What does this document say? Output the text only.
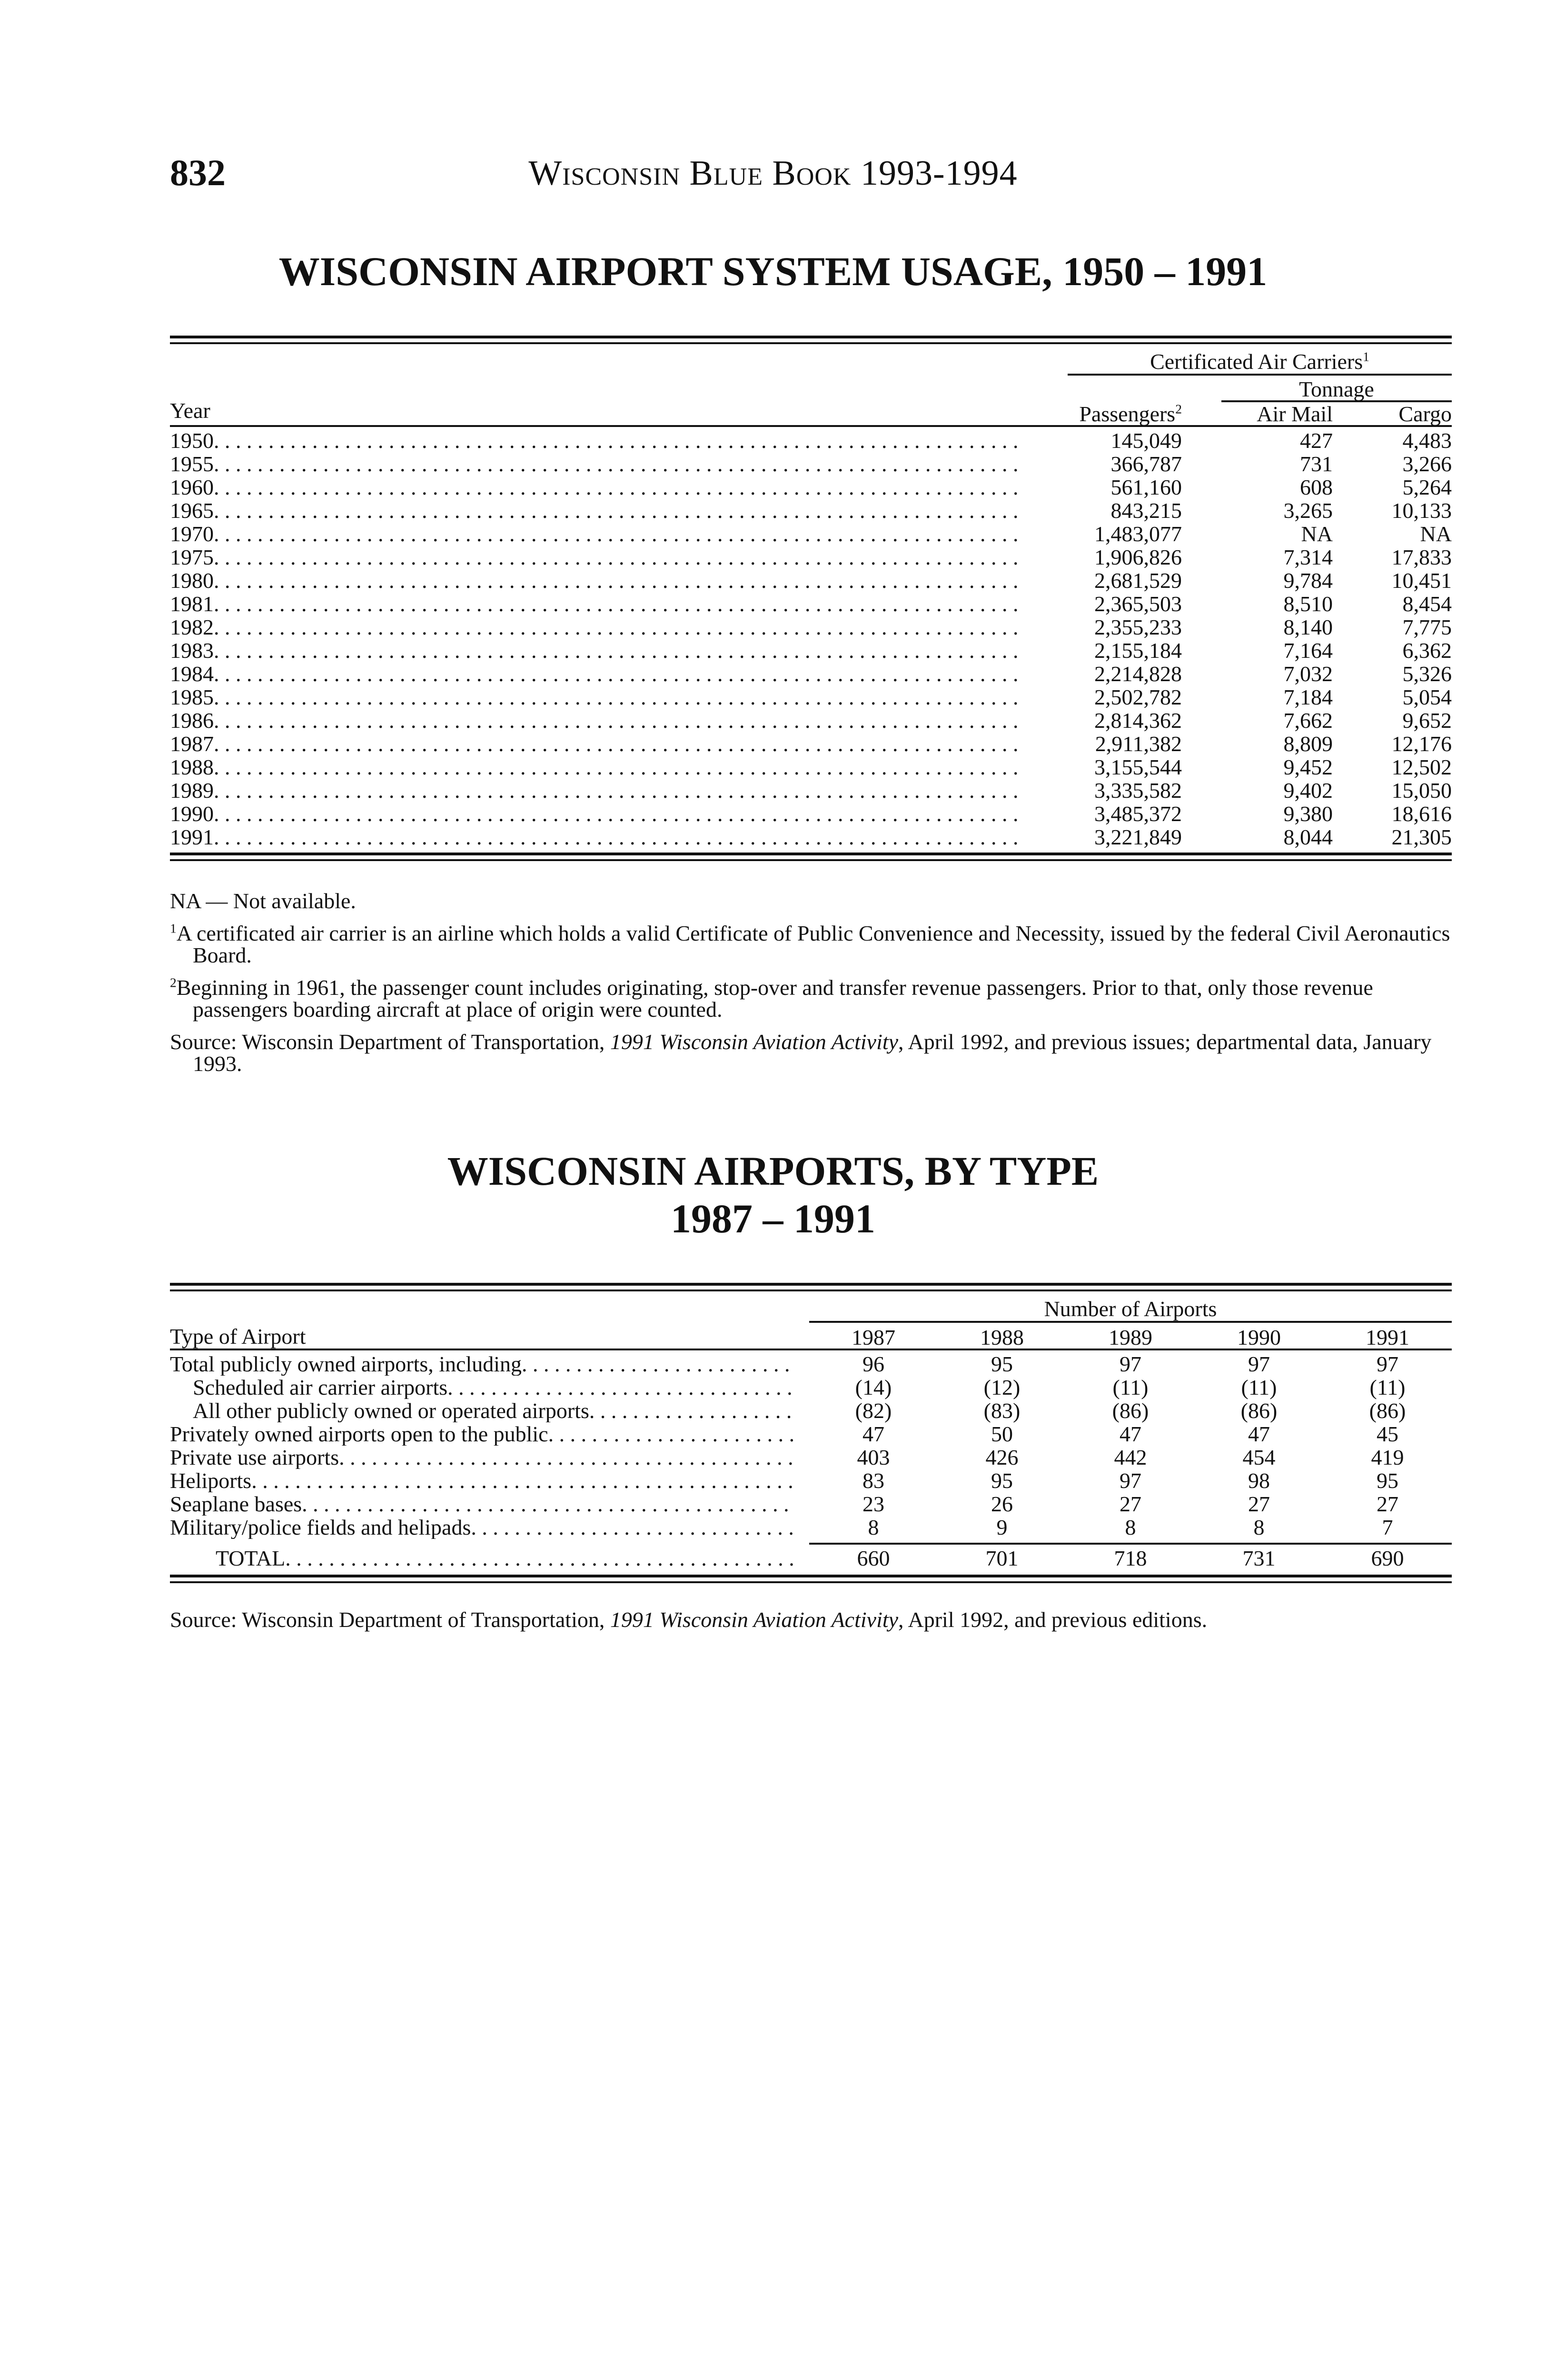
832	Wisconsin Blue Book 1993-1994
WISCONSIN AIRPORT SYSTEM USAGE, 1950 – 1991
Certificated Air Carriers$^1$
Tonnage
Year	Passengers$^2$	Air Mail	Cargo
1950 . . .	145,049	427	4,483
1955 . . .	366,787	731	3,266
1960 . . .	561,160	608	5,264
1965 . . .	843,215	3,265	10,133
1970 . . .	1,483,077	NA	NA
1975 . . .	1,906,826	7,314	17,833
1980 . . .	2,681,529	9,784	10,451
1981 . . .	2,365,503	8,510	8,454
1982 . . .	2,355,233	8,140	7,775
1983 . . .	2,155,184	7,164	6,362
1984 . . .	2,214,828	7,032	5,326
1985 . . .	2,502,782	7,184	5,054
1986 . . .	2,814,362	7,662	9,652
1987 . . .	2,911,382	8,809	12,176
1988 . . .	3,155,544	9,452	12,502
1989 . . .	3,335,582	9,402	15,050
1990 . . .	3,485,372	9,380	18,616
1991 . . .	3,221,849	8,044	21,305

NA — Not available.

$^1$A certificated air carrier is an airline which holds a valid Certificate of Public Convenience and Necessity, issued by the federal Civil Aeronautics Board.

$^2$Beginning in 1961, the passenger count includes originating, stop-over and transfer revenue passengers. Prior to that, only those revenue passengers boarding aircraft at place of origin were counted.

Source: Wisconsin Department of Transportation, 1991 Wisconsin Aviation Activity, April 1992, and previous issues; departmental data, January 1993.

WISCONSIN AIRPORTS, BY TYPE
1987 – 1991
Number of Airports
Type of Airport	1987	1988	1989	1990	1991
Total publicly owned airports, including . . .	96	95	97	97	97
Scheduled air carrier airports . . .	(14)	(12)	(11)	(11)	(11)
All other publicly owned or operated airports . . .	(82)	(83)	(86)	(86)	(86)
Privately owned airports open to the public . . .	47	50	47	47	45
Private use airports . . .	403	426	442	454	419
Heliports . . .	83	95	97	98	95
Seaplane bases . . .	23	26	27	27	27
Military/police fields and helipads . . .	8	9	8	8	7
TOTAL . . .	660	701	718	731	690

Source: Wisconsin Department of Transportation, 1991 Wisconsin Aviation Activity, April 1992, and previous editions.
